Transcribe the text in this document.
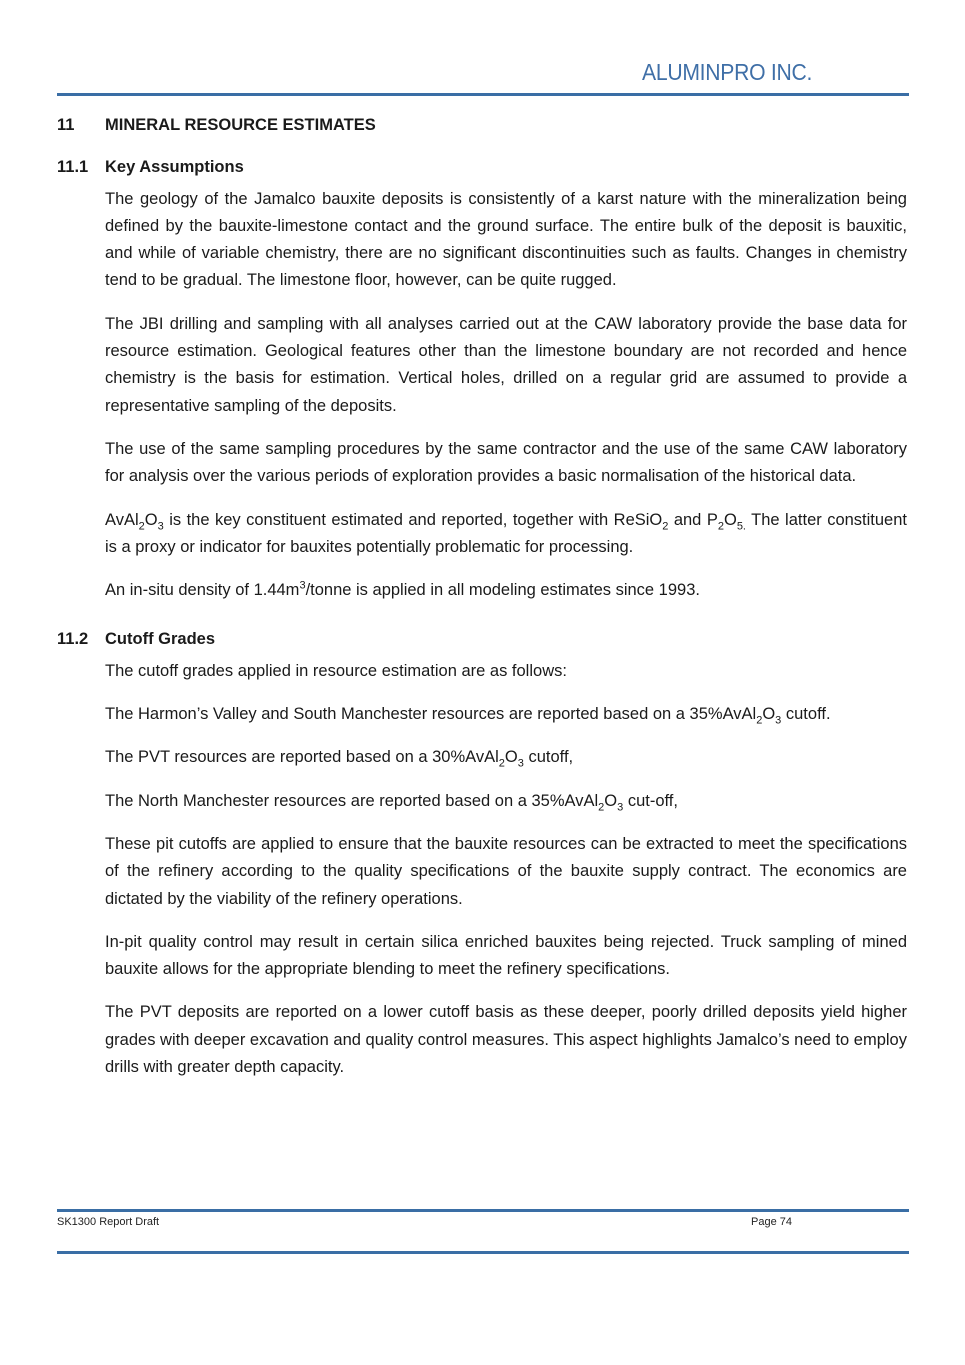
ALUMINPRO INC.
11	MINERAL RESOURCE ESTIMATES
11.1	Key Assumptions

The geology of the Jamalco bauxite deposits is consistently of a karst nature with the mineralization being defined by the bauxite-limestone contact and the ground surface. The entire bulk of the deposit is bauxitic, and while of variable chemistry, there are no significant discontinuities such as faults. Changes in chemistry tend to be gradual. The limestone floor, however, can be quite rugged.

The JBI drilling and sampling with all analyses carried out at the CAW laboratory provide the base data for resource estimation. Geological features other than the limestone boundary are not recorded and hence chemistry is the basis for estimation. Vertical holes, drilled on a regular grid are assumed to provide a representative sampling of the deposits.

The use of the same sampling procedures by the same contractor and the use of the same CAW laboratory for analysis over the various periods of exploration provides a basic normalisation of the historical data.

$AvAl_2O_3$ is the key constituent estimated and reported, together with ReSiO$_2$ and $P_2O_{5.}$ The latter constituent is a proxy or indicator for bauxites potentially problematic for processing.

An in-situ density of $1.44m^3$/tonne is applied in all modeling estimates since 1993.

11.2	Cutoff Grades

The cutoff grades applied in resource estimation are as follows:

The Harmon’s Valley and South Manchester resources are reported based on a $35\%AvAl_2O_3$ cutoff.

The PVT resources are reported based on a $30\%AvAl_2O_3$ cutoff,

The North Manchester resources are reported based on a $35\%AvAl_2O_3$ cut-off,

These pit cutoffs are applied to ensure that the bauxite resources can be extracted to meet the specifications of the refinery according to the quality specifications of the bauxite supply contract. The economics are dictated by the viability of the refinery operations.

In-pit quality control may result in certain silica enriched bauxites being rejected. Truck sampling of mined bauxite allows for the appropriate blending to meet the refinery specifications.

The PVT deposits are reported on a lower cutoff basis as these deeper, poorly drilled deposits yield higher grades with deeper excavation and quality control measures. This aspect highlights Jamalco’s need to employ drills with greater depth capacity.

SK1300 Report Draft	Page 74
